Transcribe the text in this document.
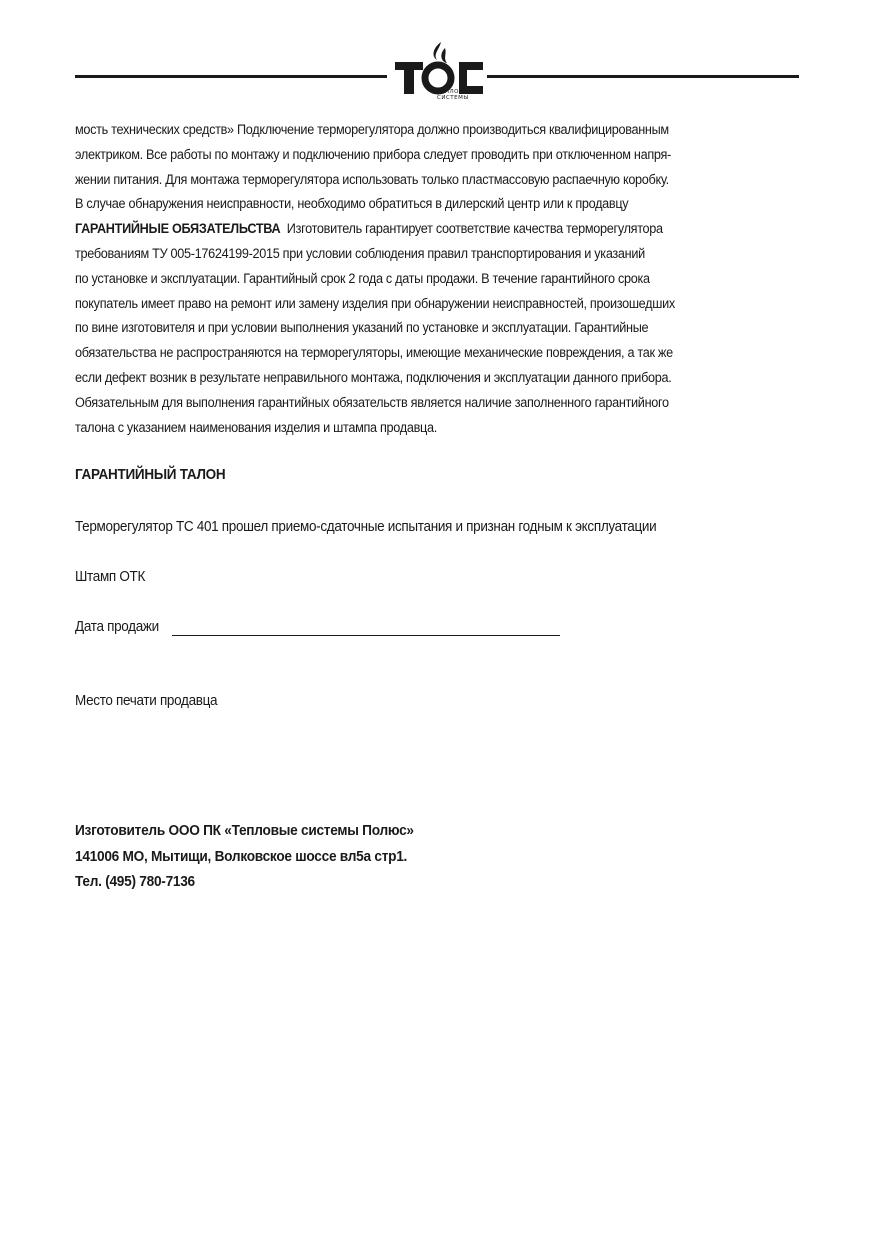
ТЕПЛОВЫЕ
СИСТЕМЫ
мость технических средств» Подключение терморегулятора должно производиться квалифицированным
электриком. Все работы по монтажу и подключению прибора следует проводить при отключенном напря-
жении питания. Для монтажа терморегулятора использовать только пластмассовую распаечную коробку.
В случае обнаружения неисправности, необходимо обратиться в дилерский центр или к продавцу
ГАРАНТИЙНЫЕ ОБЯЗАТЕЛЬСТВА Изготовитель гарантирует соответствие качества терморегулятора
требованиям ТУ 005-17624199-2015 при условии соблюдения правил транспортирования и указаний
по установке и эксплуатации. Гарантийный срок 2 года с даты продажи. В течение гарантийного срока
покупатель имеет право на ремонт или замену изделия при обнаружении неисправностей, произошедших
по вине изготовителя и при условии выполнения указаний по установке и эксплуатации. Гарантийные
обязательства не распространяются на терморегуляторы, имеющие механические повреждения, а так же
если дефект возник в результате неправильного монтажа, подключения и эксплуатации данного прибора.
Обязательным для выполнения гарантийных обязательств является наличие заполненного гарантийного
талона с указанием наименования изделия и штампа продавца.
ГАРАНТИЙНЫЙ ТАЛОН
Терморегулятор ТС 401 прошел приемо-сдаточные испытания и признан годным к эксплуатации
Штамп ОТК
Дата продажи
Место печати продавца
Изготовитель ООО ПК «Тепловые системы Полюс»
141006 МО, Мытищи, Волковское шоссе вл5а стр1.
Тел. (495) 780-7136
